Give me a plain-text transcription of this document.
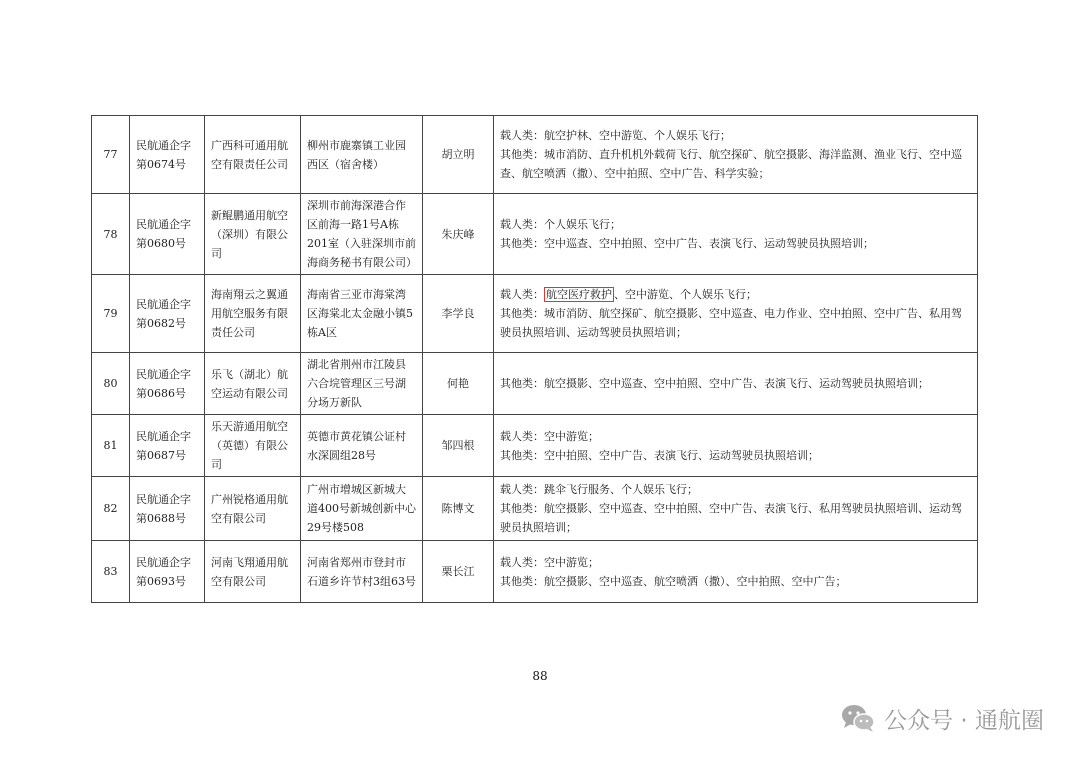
77	民航通企字第0674号	广西科可通用航空有限责任公司	柳州市鹿寨镇工业园西区（宿舍楼）	胡立明	载人类：航空护林、空中游览、个人娱乐飞行；
其他类：城市消防、直升机机外载荷飞行、航空探矿、航空摄影、海洋监测、渔业飞行、空中巡查、航空喷洒（撒）、空中拍照、空中广告、科学实验；

78	民航通企字第0680号	新鲲鹏通用航空（深圳）有限公司	深圳市前海深港合作区前海一路1号A栋201室（入驻深圳市前海商务秘书有限公司）	朱庆峰	载人类：个人娱乐飞行；
其他类：空中巡查、空中拍照、空中广告、表演飞行、运动驾驶员执照培训；

79	民航通企字第0682号	海南翔云之翼通用航空服务有限责任公司	海南省三亚市海棠湾区海棠北太金融小镇5栋A区	李学良	载人类： 航空医疗救护 、空中游览、个人娱乐飞行；
其他类：城市消防、航空探矿、航空摄影、空中巡查、电力作业、空中拍照、空中广告、私用驾驶员执照培训、运动驾驶员执照培训；

80	民航通企字第0686号	乐飞（湖北）航空运动有限公司	湖北省荆州市江陵县六合垸管理区三号湖分场万新队	何艳	其他类：航空摄影、空中巡查、空中拍照、空中广告、表演飞行、运动驾驶员执照培训；

81	民航通企字第0687号	乐天游通用航空（英德）有限公司	英德市黄花镇公证村水深圆组28号	邹四根	载人类：空中游览；
其他类：空中拍照、空中广告、表演飞行、运动驾驶员执照培训；

82	民航通企字第0688号	广州锐格通用航空有限公司	广州市增城区新城大道400号新城创新中心29号楼508	陈博文	载人类：跳伞飞行服务、个人娱乐飞行；
其他类：航空摄影、空中巡查、空中拍照、空中广告、表演飞行、私用驾驶员执照培训、运动驾驶员执照培训；

83	民航通企字第0693号	河南飞翔通用航空有限公司	河南省郑州市登封市石道乡许节村3组63号	栗长江	载人类：空中游览；
其他类：航空摄影、空中巡查、航空喷洒（撒）、空中拍照、空中广告；
88
公众号 · 通航圈
